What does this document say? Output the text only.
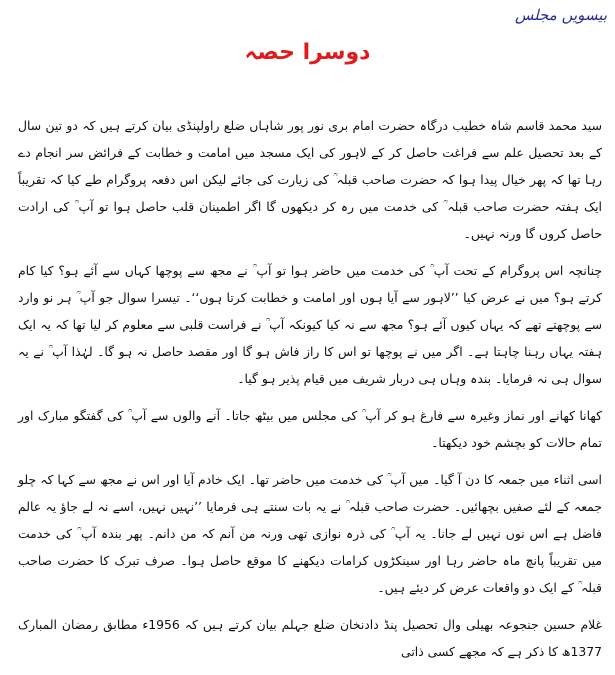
بیسویں مجلس
دوسرا حصہ

سید محمد قاسم شاہ خطیب درگاہ حضرت امام بری نور پور شاہاں ضلع راولپنڈی بیان کرتے ہیں کہ دو تین سال کے بعد تحصیل علم سے فراغت حاصل کر کے لاہور کی ایک مسجد میں امامت و خطابت کے فرائض سر انجام دے رہا تھا کہ پھر خیال پیدا ہوا کہ حضرت صاحب قبلہ ؒ کی زیارت کی جائے لیکن اس دفعہ پروگرام طے کیا کہ تقریباً ایک ہفتہ حضرت صاحب قبلہ ؒ کی خدمت میں رہ کر دیکھوں گا اگر اطمینان قلب حاصل ہوا تو آپ ؒ کی ارادت حاصل کروں گا ورنہ نہیں۔

چنانچہ اس پروگرام کے تحت آپ ؒ کی خدمت میں حاضر ہوا تو آپ ؒ نے مجھ سے پوچھا کہاں سے آئے ہو؟ کیا کام کرتے ہو؟ میں نے عرض کیا ’’لاہور سے آیا ہوں اور امامت و خطابت کرتا ہوں‘‘۔ تیسرا سوال جو آپ ؒ ہر نو وارد سے پوچھتے تھے کہ یہاں کیوں آئے ہو؟ مجھ سے نہ کیا کیونکہ آپ ؒ نے فراست قلبی سے معلوم کر لیا تھا کہ یہ ایک ہفتہ یہاں رہنا چاہتا ہے۔ اگر میں نے پوچھا تو اس کا راز فاش ہو گا اور مقصد حاصل نہ ہو گا۔ لہٰذا آپ ؒ نے یہ سوال ہی نہ فرمایا۔ بندہ وہاں ہی دربار شریف میں قیام پذیر ہو گیا۔

کھانا کھانے اور نماز وغیرہ سے فارغ ہو کر آپ ؒ کی مجلس میں بیٹھ جاتا۔ آنے والوں سے آپ ؒ کی گفتگو مبارک اور تمام حالات کو بچشم خود دیکھتا۔

اسی اثناء میں جمعہ کا دن آ گیا۔ میں آپ ؒ کی خدمت میں حاضر تھا۔ ایک خادم آیا اور اس نے مجھ سے کہا کہ چلو جمعہ کے لئے صفیں بچھائیں۔ حضرت صاحب قبلہ ؒ نے یہ بات سنتے ہی فرمایا ’’نہیں نہیں، اسے نہ لے جاؤ یہ عالم فاضل ہے اس نوں نہیں لے جانا۔ یہ آپ ؒ کی ذرہ نوازی تھی ورنہ من آنم کہ من دانم۔ پھر بندہ آپ ؒ کی خدمت میں تقریباً پانچ ماہ حاضر رہا اور سینکڑوں کرامات دیکھنے کا موقع حاصل ہوا۔ صرف تبرک کا حضرت صاحب قبلہ ؒ کے ایک دو واقعات عرض کر دیئے ہیں۔

غلام حسین جنجوعہ بھیلی وال تحصیل پنڈ دادنخان ضلع جہلم بیان کرتے ہیں کہ 1956ء مطابق رمضان المبارک 1377ھ کا ذکر ہے کہ مجھے کسی ذاتی
